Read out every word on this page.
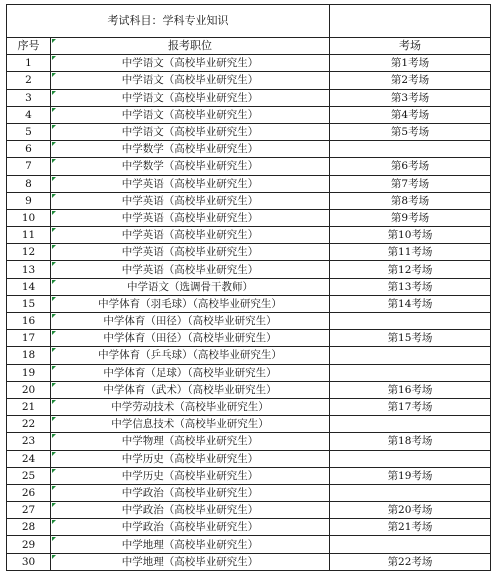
考试科目：学科专业知识		
序号	报考职位	考场
1	中学语文（高校毕业研究生）	第1考场
2	中学语文（高校毕业研究生）	第2考场
3	中学语文（高校毕业研究生）	第3考场
4	中学语文（高校毕业研究生）	第4考场
5	中学语文（高校毕业研究生）	第5考场
6	中学数学（高校毕业研究生）	
7	中学数学（高校毕业研究生）	第6考场
8	中学英语（高校毕业研究生）	第7考场
9	中学英语（高校毕业研究生）	第8考场
10	中学英语（高校毕业研究生）	第9考场
11	中学英语（高校毕业研究生）	第10考场
12	中学英语（高校毕业研究生）	第11考场
13	中学英语（高校毕业研究生）	第12考场
14	中学语文（选调骨干教师）	第13考场
15	中学体育（羽毛球）（高校毕业研究生）	第14考场
16	中学体育（田径）（高校毕业研究生）	
17	中学体育（田径）（高校毕业研究生）	第15考场
18	中学体育（乒乓球）（高校毕业研究生）	
19	中学体育（足球）（高校毕业研究生）	
20	中学体育（武术）（高校毕业研究生）	第16考场
21	中学劳动技术（高校毕业研究生）	第17考场
22	中学信息技术（高校毕业研究生）	
23	中学物理（高校毕业研究生）	第18考场
24	中学历史（高校毕业研究生）	
25	中学历史（高校毕业研究生）	第19考场
26	中学政治（高校毕业研究生）	
27	中学政治（高校毕业研究生）	第20考场
28	中学政治（高校毕业研究生）	第21考场
29	中学地理（高校毕业研究生）	
30	中学地理（高校毕业研究生）	第22考场
